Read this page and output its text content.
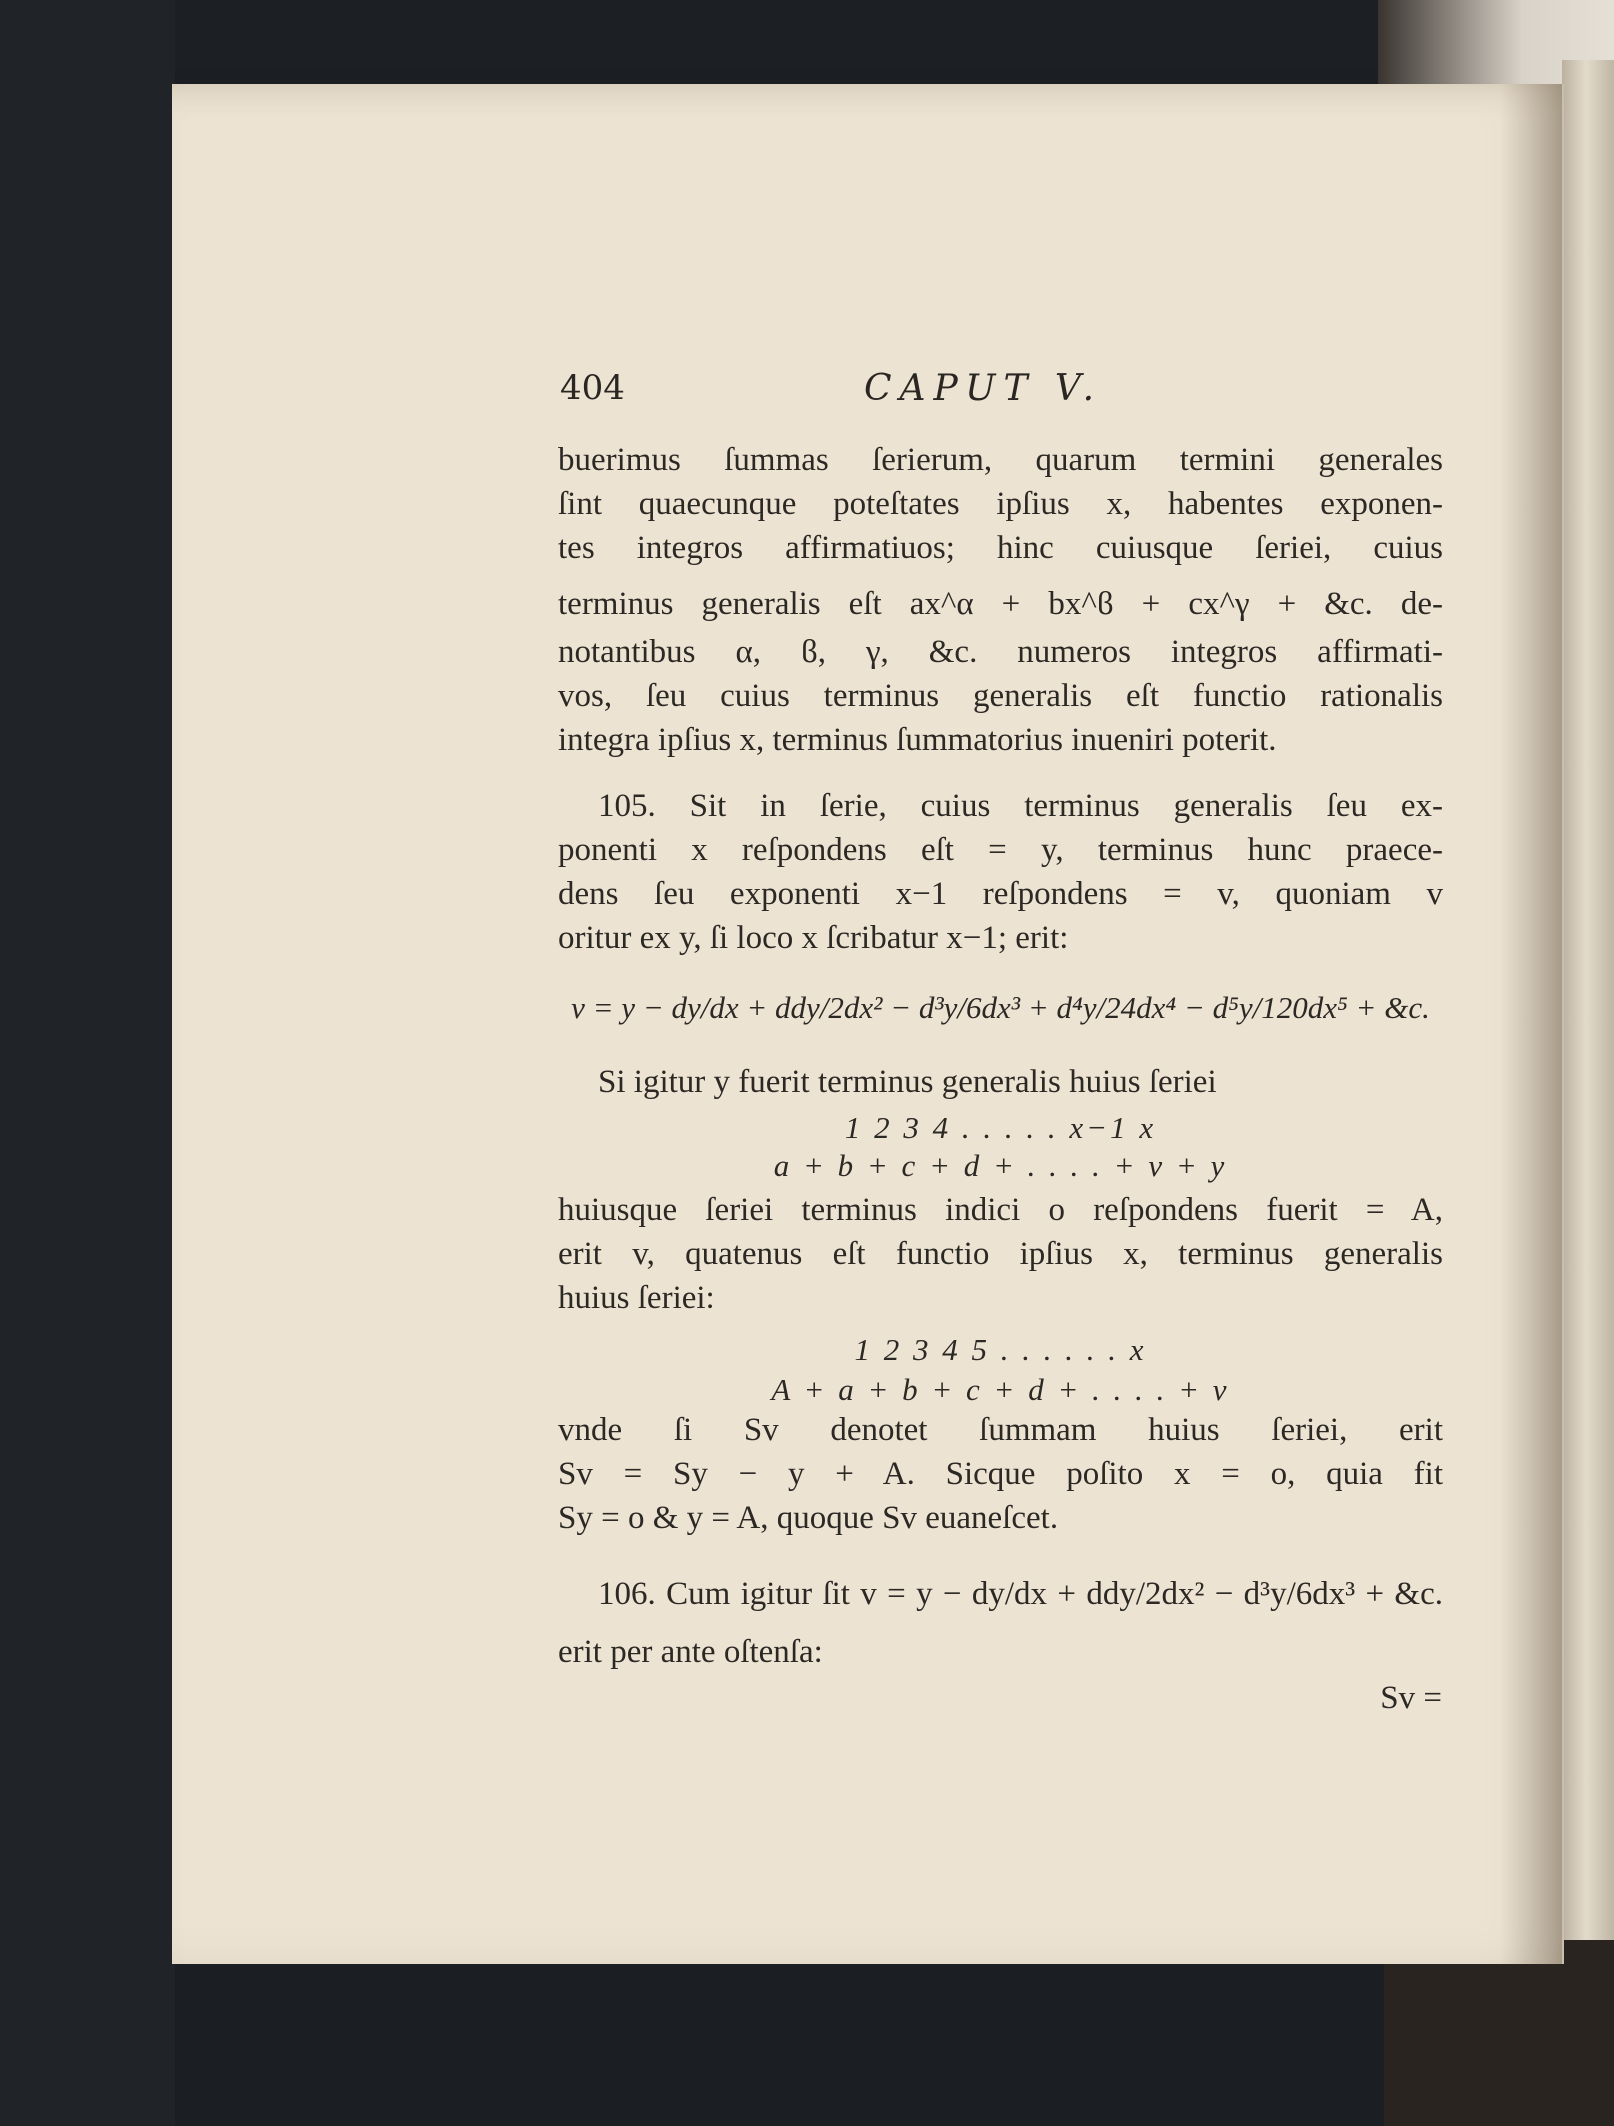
404	CAPUT V.

buerimus ſummas ſerierum, quarum termini generales

ſint quaecunque poteſtates ipſius x, habentes exponen-

tes integros affirmatiuos; hinc cuiusque ſeriei, cuius

terminus generalis eſt ax^α + bx^ϐ + cx^γ + &c. de-

notantibus α, ϐ, γ, &c. numeros integros affirmati-

vos, ſeu cuius terminus generalis eſt functio rationalis

integra ipſius x, terminus ſummatorius inueniri poterit.

105. Sit in ſerie, cuius terminus generalis ſeu ex-

ponenti x reſpondens eſt = y, terminus hunc praece-

dens ſeu exponenti x−1 reſpondens = v, quoniam v

oritur ex y, ſi loco x ſcribatur x−1; erit:

v = y − dy/dx + ddy/2dx² − d³y/6dx³ + d⁴y/24dx⁴ − d⁵y/120dx⁵ + &c.

Si igitur y fuerit terminus generalis huius ſeriei

1 2 3 4 . . . . . x−1 x

a + b + c + d + . . . . + v + y

huiusque ſeriei terminus indici o reſpondens fuerit = A,

erit v, quatenus eſt functio ipſius x, terminus generalis

huius ſeriei:

1 2 3 4 5 . . . . . . x

A + a + b + c + d + . . . . + v

vnde ſi Sv denotet ſummam huius ſeriei, erit

Sv = Sy − y + A. Sicque poſito x = o, quia fit

Sy = o & y = A, quoque Sv euaneſcet.

106. Cum igitur ſit v = y − dy/dx + ddy/2dx² − d³y/6dx³ + &c.

erit per ante oſtenſa:

Sv =
